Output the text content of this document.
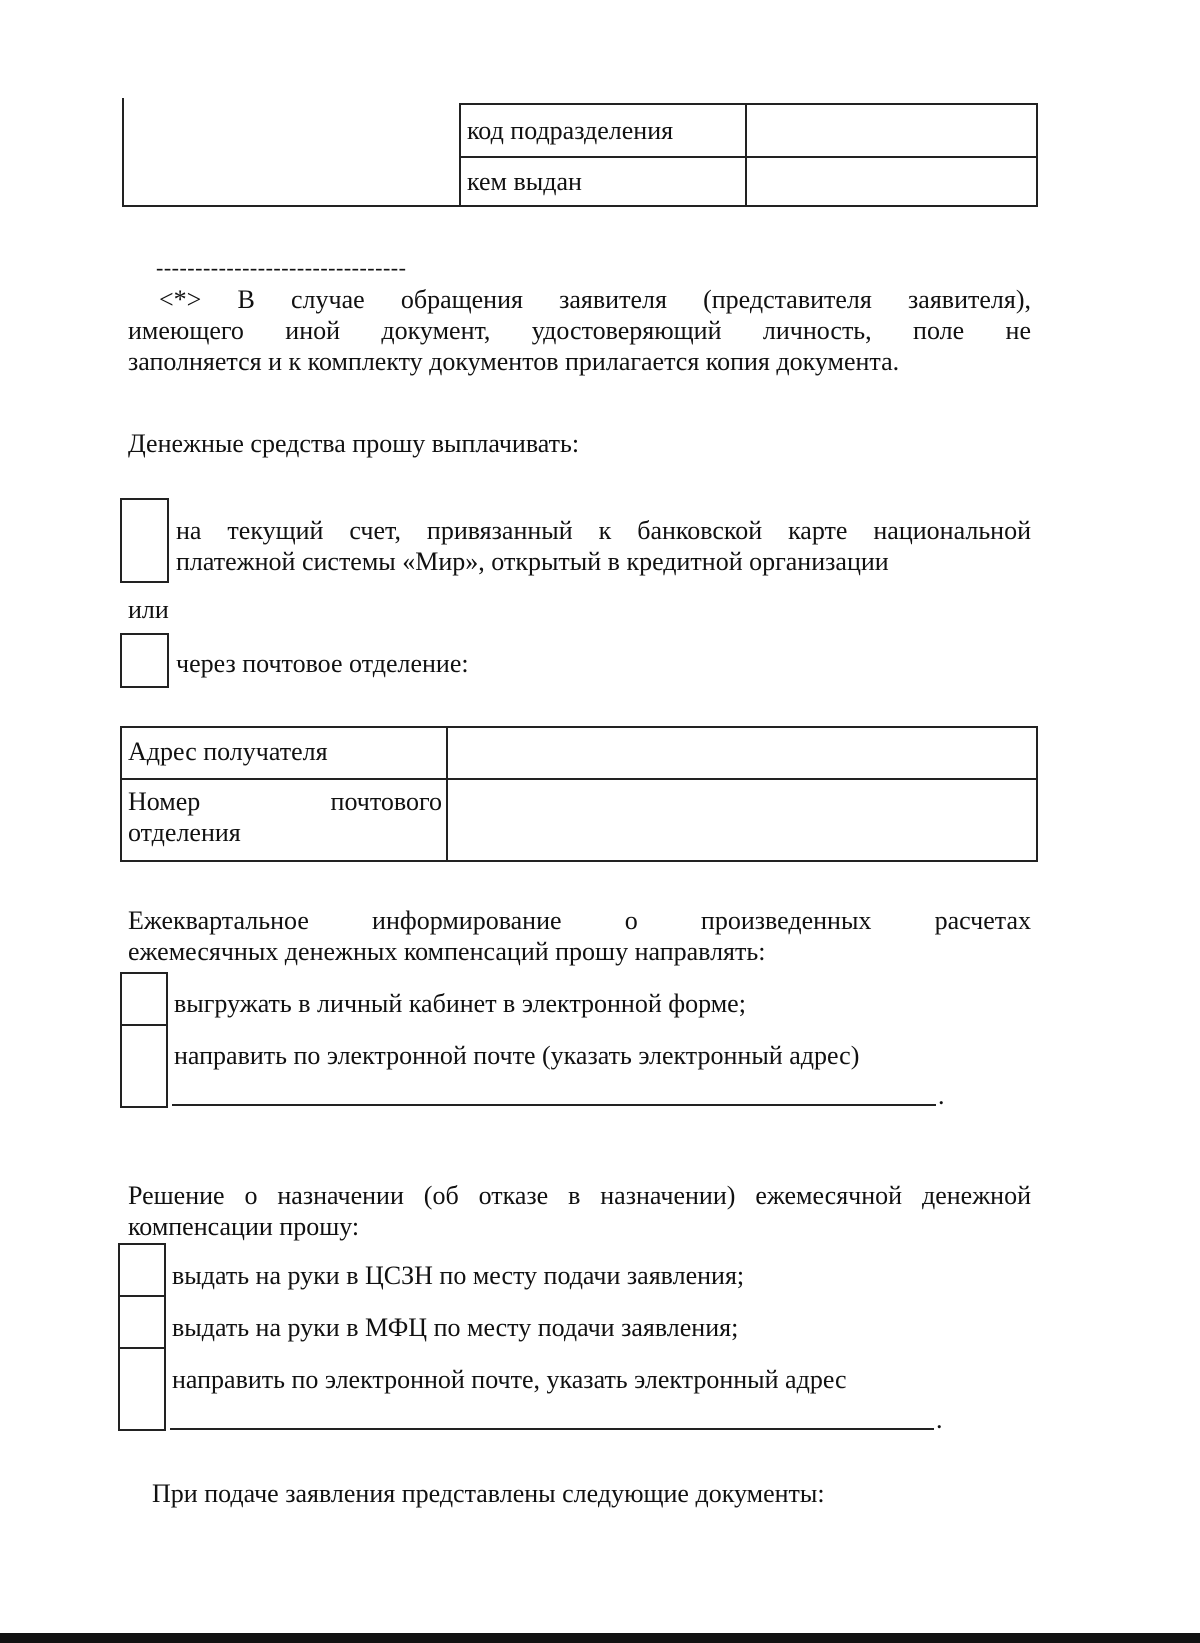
код подразделения
кем выдан
--------------------------------
<*> В случае обращения заявителя (представителя заявителя),
имеющего иной документ, удостоверяющий личность, поле не
заполняется и к комплекту документов прилагается копия документа.
Денежные средства прошу выплачивать:
на текущий счет, привязанный к банковской карте национальной
платежной системы «Мир», открытый в кредитной организации
или
через почтовое отделение:
Адрес получателя
Номер почтового
отделения
Ежеквартальное информирование о произведенных расчетах
ежемесячных денежных компенсаций прошу направлять:
выгружать в личный кабинет в электронной форме;
направить по электронной почте (указать электронный адрес)
.
Решение о назначении (об отказе в назначении) ежемесячной денежной
компенсации прошу:
выдать на руки в ЦСЗН по месту подачи заявления;
выдать на руки в МФЦ по месту подачи заявления;
направить по электронной почте, указать электронный адрес
.
При подаче заявления представлены следующие документы:
